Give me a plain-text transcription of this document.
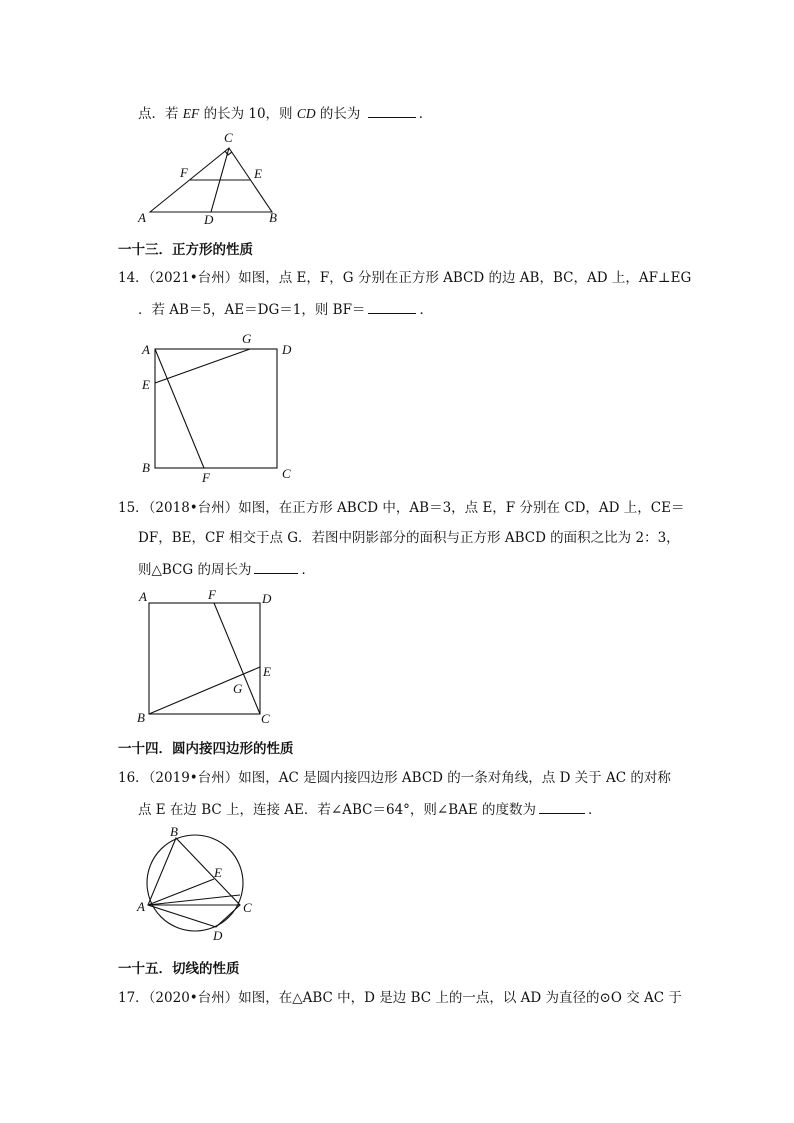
点．若 EF 的长为 10，则 CD 的长为	．
C
F	E
A	D	B
一十三．正方形的性质
14．（2021•台州）如图，点 E，F，G 分别在正方形 ABCD 的边 AB，BC，AD 上，AF⊥EG
．若 AB＝5，AE＝DG＝1，则 BF＝	．
A
G
D
E
B
F	C
15．（2018•台州）如图，在正方形 ABCD 中，AB＝3，点 E，F 分别在 CD，AD 上，CE＝
DF，BE，CF 相交于点 G．若图中阴影部分的面积与正方形 ABCD 的面积之比为 2：3，
则△BCG 的周长为	．
A	F	D
E
G
B	C
一十四．圆内接四边形的性质
16．（2019•台州）如图，AC 是圆内接四边形 ABCD 的一条对角线，点 D 关于 AC 的对称
点 E 在边 BC 上，连接 AE．若∠ABC＝64°，则∠BAE 的度数为	．
B
E
A	C
D
一十五．切线的性质
17．（2020•台州）如图，在△ABC 中，D 是边 BC 上的一点，以 AD 为直径的⊙O 交 AC 于
